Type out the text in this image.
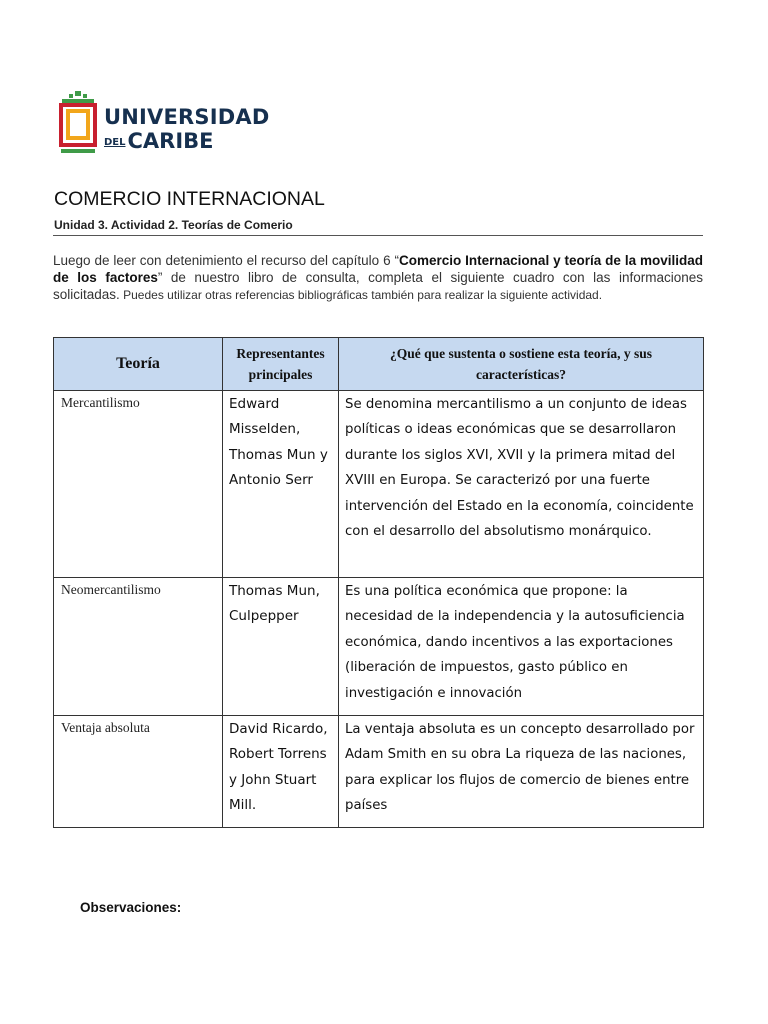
UNIVERSIDAD
DELCARIBE
COMERCIO INTERNACIONAL
Unidad 3. Actividad 2. Teorías de Comerio
Luego de leer con detenimiento el recurso del capítulo 6 “Comercio Internacional y teoría de la movilidad de los factores” de nuestro libro de consulta, completa el siguiente cuadro con las informaciones solicitadas. Puedes utilizar otras referencias bibliográficas también para realizar la siguiente actividad.
Teoría	Representantes principales	¿Qué que sustenta o sostiene esta teoría, y sus características?
Mercantilismo	Edward Misselden, Thomas Mun y Antonio Serr	Se denomina mercantilismo a un conjunto de ideas políticas o ideas económicas que se desarrollaron durante los siglos XVI, XVII y la primera mitad del XVIII en Europa. Se caracterizó por una fuerte intervención del Estado en la economía, coincidente con el desarrollo del absolutismo monárquico.
Neomercantilismo	Thomas Mun, Culpepper	Es una política económica que propone: la necesidad de la independencia y la autosuficiencia económica, dando incentivos a las exportaciones (liberación de impuestos, gasto público en investigación e innovación
Ventaja absoluta	David Ricardo, Robert Torrens y John Stuart Mill.	La ventaja absoluta es un concepto desarrollado por Adam Smith en su obra La riqueza de las naciones, para explicar los flujos de comercio de bienes entre países
Observaciones:
